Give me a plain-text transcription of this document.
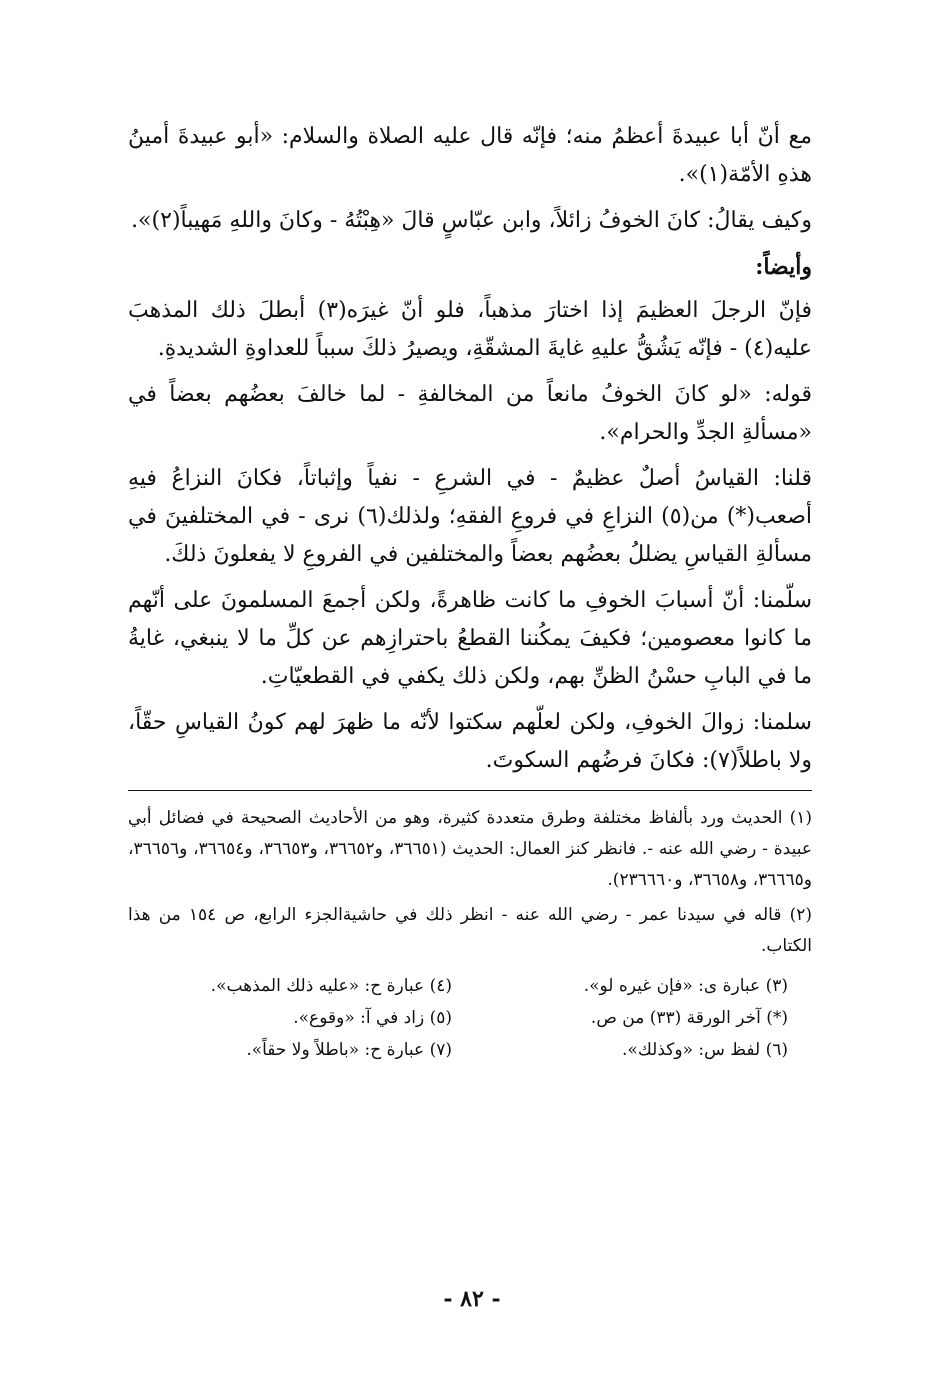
مع أنّ أبا عبيدةَ أعظمُ منه؛ فإنّه قال عليه الصلاة والسلام: «أبو عبيدةَ أمينُ هذهِ الأمّة(١)».

وكيف يقالُ: كانَ الخوفُ زائلاً، وابن عبّاسٍ قالَ «هِبْتُهُ - وكانَ واللهِ مَهيباً(٢)».

وأيضاً:

فإنّ الرجلَ العظيمَ إذا اختارَ مذهباً، فلو أنّ غيرَه(٣) أبطلَ ذلك المذهبَ عليه(٤) - فإنّه يَشُقُّ عليهِ غايةَ المشقّةِ، ويصيرُ ذلكَ سبباً للعداوةِ الشديدةِ.

قوله: «لو كانَ الخوفُ مانعاً من المخالفةِ - لما خالفَ بعضُهم بعضاً في «مسألةِ الجدِّ والحرام».

قلنا: القياسُ أصلٌ عظيمٌ - في الشرعِ - نفياً وإثباتاً، فكانَ النزاعُ فيهِ أصعب(*) من(٥) النزاعِ في فروعِ الفقهِ؛ ولذلك(٦) نرى - في المختلفينَ في مسألةِ القياسِ يضللُ بعضُهم بعضاً والمختلفين في الفروعِ لا يفعلونَ ذلكَ.

سلّمنا: أنّ أسبابَ الخوفِ ما كانت ظاهرةً، ولكن أجمعَ المسلمونَ على أنّهم ما كانوا معصومين؛ فكيفَ يمكُننا القطعُ باحترازِهم عن كلِّ ما لا ينبغي، غايةُ ما في البابِ حسْنُ الظنِّ بهم، ولكن ذلك يكفي في القطعيّاتِ.

سلمنا: زوالَ الخوفِ، ولكن لعلّهم سكتوا لأنّه ما ظهرَ لهم كونُ القياسِ حقّاً، ولا باطلاً(٧): فكانَ فرضُهم السكوتَ.

(١) الحديث ورد بألفاظ مختلفة وطرق متعددة كثيرة، وهو من الأحاديث الصحيحة في فضائل أبي عبيدة - رضي الله عنه -. فانظر كنز العمال: الحديث (٣٦٦٥١، و٣٦٦٥٢، و٣٦٦٥٣، و٣٦٦٥٤، و٣٦٦٥٦، و٣٦٦٦٥، و٣٦٦٥٨، و٢٣٦٦٦٠).

(٢) قاله في سيدنا عمر - رضي الله عنه - انظر ذلك في حاشيةالجزء الرابع، ص ١٥٤ من هذا الكتاب.

(٣) عبارة ى: «فإن غيره لو».
(٤) عبارة ح: «عليه ذلك المذهب».
(*) آخر الورقة (٣٣) من ص.
(٥) زاد في آ: «وقوع».
(٦) لفظ س: «وكذلك».
(٧) عبارة ح: «باطلاً ولا حقاً».
- ٨٢ -
